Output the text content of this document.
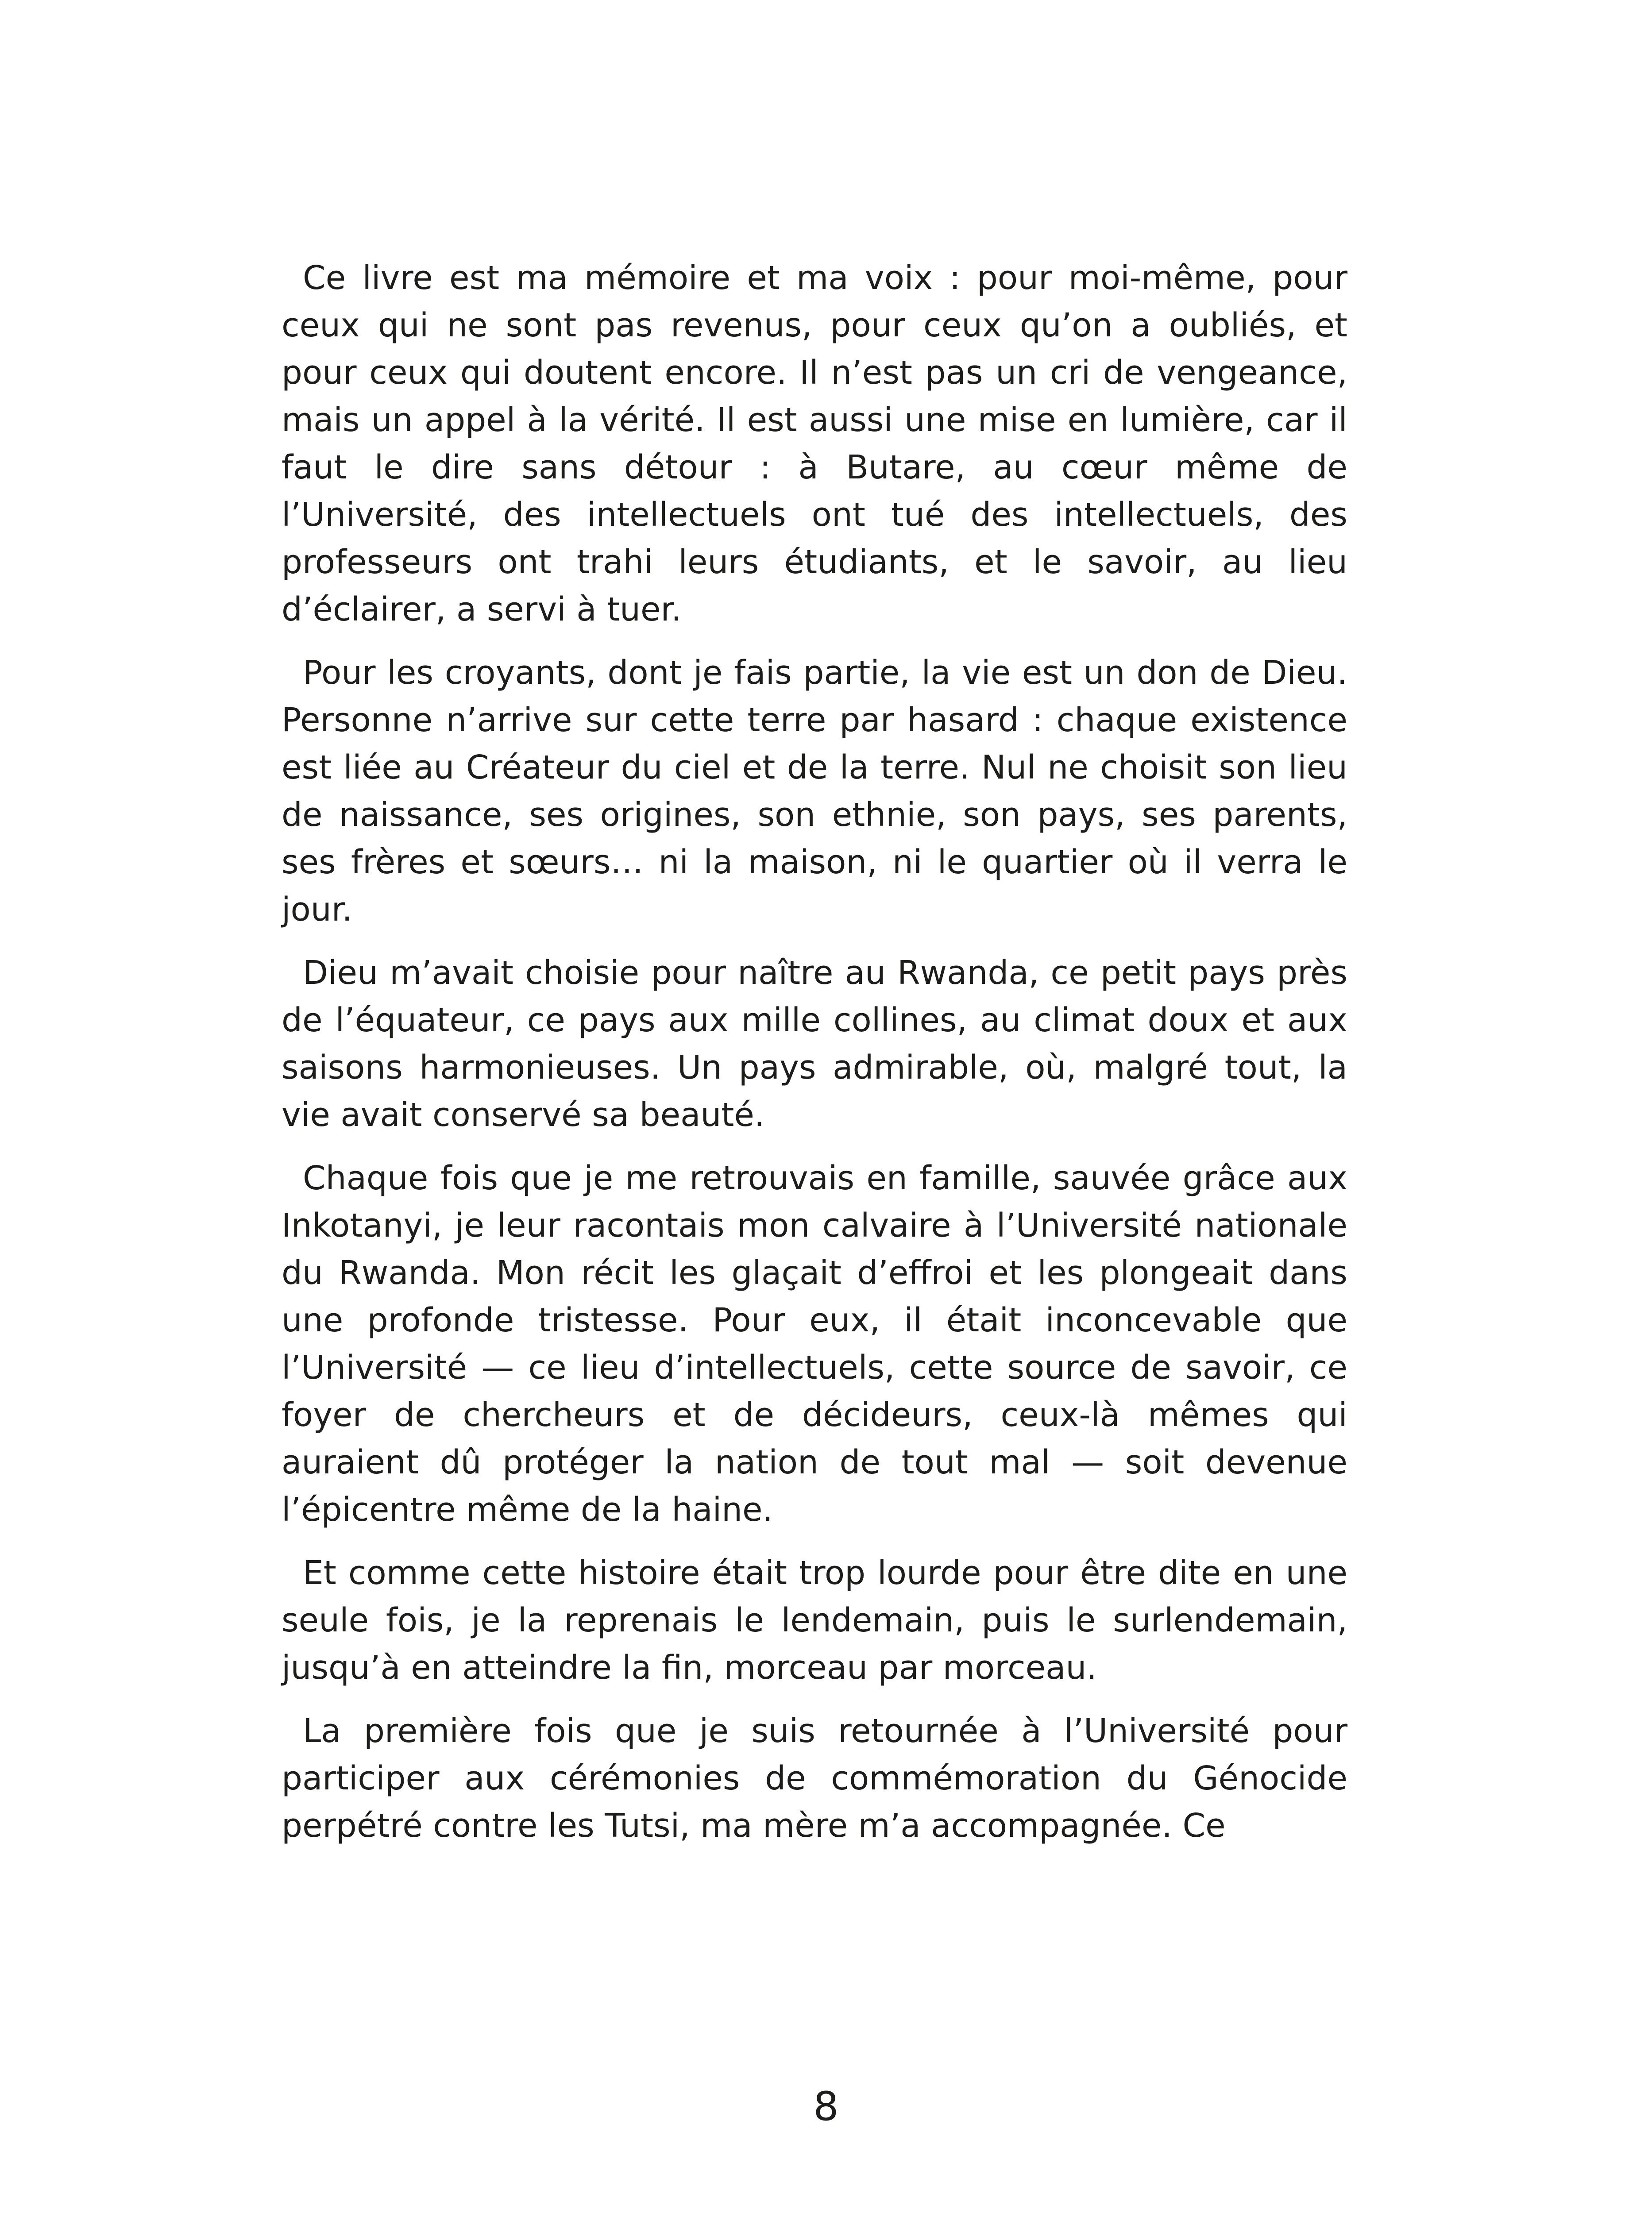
Ce livre est ma mémoire et ma voix : pour moi-même, pour ceux qui ne sont pas revenus, pour ceux qu’on a oubliés, et pour ceux qui doutent encore. Il n’est pas un cri de vengeance, mais un appel à la vérité. Il est aussi une mise en lumière, car il faut le dire sans détour : à Butare, au cœur même de l’Université, des intellectuels ont tué des intellectuels, des professeurs ont trahi leurs étudiants, et le savoir, au lieu d’éclairer, a servi à tuer.

Pour les croyants, dont je fais partie, la vie est un don de Dieu. Personne n’arrive sur cette terre par hasard : chaque existence est liée au Créateur du ciel et de la terre. Nul ne choisit son lieu de naissance, ses origines, son ethnie, son pays, ses parents, ses frères et sœurs… ni la maison, ni le quartier où il verra le jour.

Dieu m’avait choisie pour naître au Rwanda, ce petit pays près de l’équateur, ce pays aux mille collines, au climat doux et aux saisons harmonieuses. Un pays admirable, où, malgré tout, la vie avait conservé sa beauté.

Chaque fois que je me retrouvais en famille, sauvée grâce aux Inkotanyi, je leur racontais mon calvaire à l’Université nationale du Rwanda. Mon récit les glaçait d’effroi et les plongeait dans une profonde tristesse. Pour eux, il était inconcevable que l’Université — ce lieu d’intellectuels, cette source de savoir, ce foyer de chercheurs et de décideurs, ceux-là mêmes qui auraient dû protéger la nation de tout mal — soit devenue l’épicentre même de la haine.

Et comme cette histoire était trop lourde pour être dite en une seule fois, je la reprenais le lendemain, puis le surlendemain, jusqu’à en atteindre la fin, morceau par morceau.

La première fois que je suis retournée à l’Université pour participer aux cérémonies de commémoration du Génocide perpétré contre les Tutsi, ma mère m’a accompagnée. Ce

8
